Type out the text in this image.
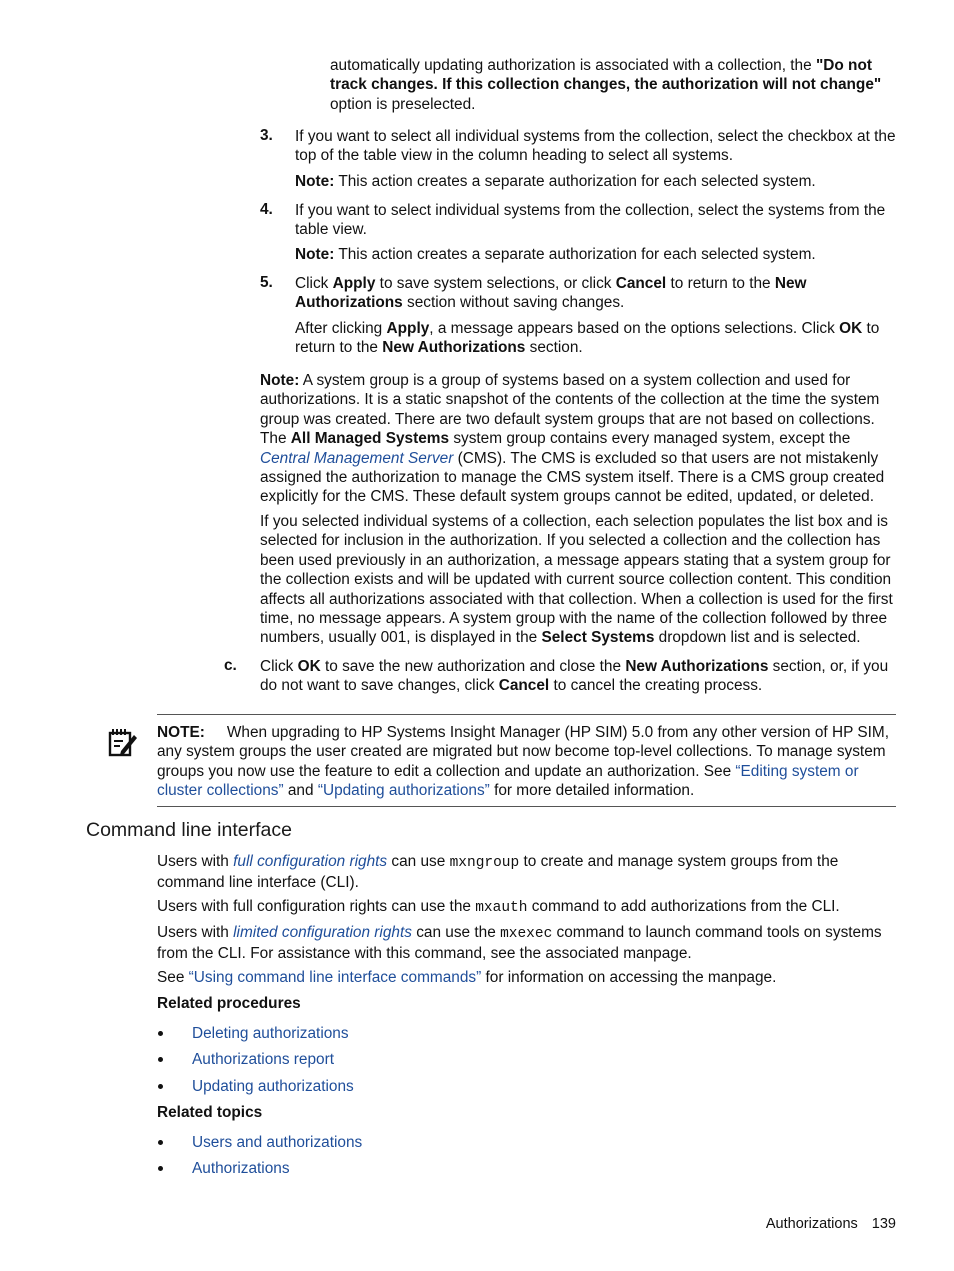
automatically updating authorization is associated with a collection, the "Do not track changes. If this collection changes, the authorization will not change" option is preselected.

3. If you want to select all individual systems from the collection, select the checkbox at the top of the table view in the column heading to select all systems.

Note: This action creates a separate authorization for each selected system.

4. If you want to select individual systems from the collection, select the systems from the table view.

Note: This action creates a separate authorization for each selected system.

5. Click Apply to save system selections, or click Cancel to return to the New Authorizations section without saving changes.

After clicking Apply, a message appears based on the options selections. Click OK to return to the New Authorizations section.

Note: A system group is a group of systems based on a system collection and used for authorizations. It is a static snapshot of the contents of the collection at the time the system group was created. There are two default system groups that are not based on collections. The All Managed Systems system group contains every managed system, except the Central Management Server (CMS). The CMS is excluded so that users are not mistakenly assigned the authorization to manage the CMS system itself. There is a CMS group created explicitly for the CMS. These default system groups cannot be edited, updated, or deleted.

If you selected individual systems of a collection, each selection populates the list box and is selected for inclusion in the authorization. If you selected a collection and the collection has been used previously in an authorization, a message appears stating that a system group for the collection exists and will be updated with current source collection content. This condition affects all authorizations associated with that collection. When a collection is used for the first time, no message appears. A system group with the name of the collection followed by three numbers, usually 001, is displayed in the Select Systems dropdown list and is selected.

c. Click OK to save the new authorization and close the New Authorizations section, or, if you do not want to save changes, click Cancel to cancel the creating process.

NOTE: When upgrading to HP Systems Insight Manager (HP SIM) 5.0 from any other version of HP SIM, any system groups the user created are migrated but now become top-level collections. To manage system groups you now use the feature to edit a collection and update an authorization. See “Editing system or cluster collections” and “Updating authorizations” for more detailed information.

Command line interface

Users with full configuration rights can use mxngroup to create and manage system groups from the command line interface (CLI).

Users with full configuration rights can use the mxauth command to add authorizations from the CLI.

Users with limited configuration rights can use the mxexec command to launch command tools on systems from the CLI. For assistance with this command, see the associated manpage.

See “Using command line interface commands” for information on accessing the manpage.

Related procedures

Deleting authorizations
Authorizations report
Updating authorizations

Related topics

Users and authorizations
Authorizations
Authorizations 139
